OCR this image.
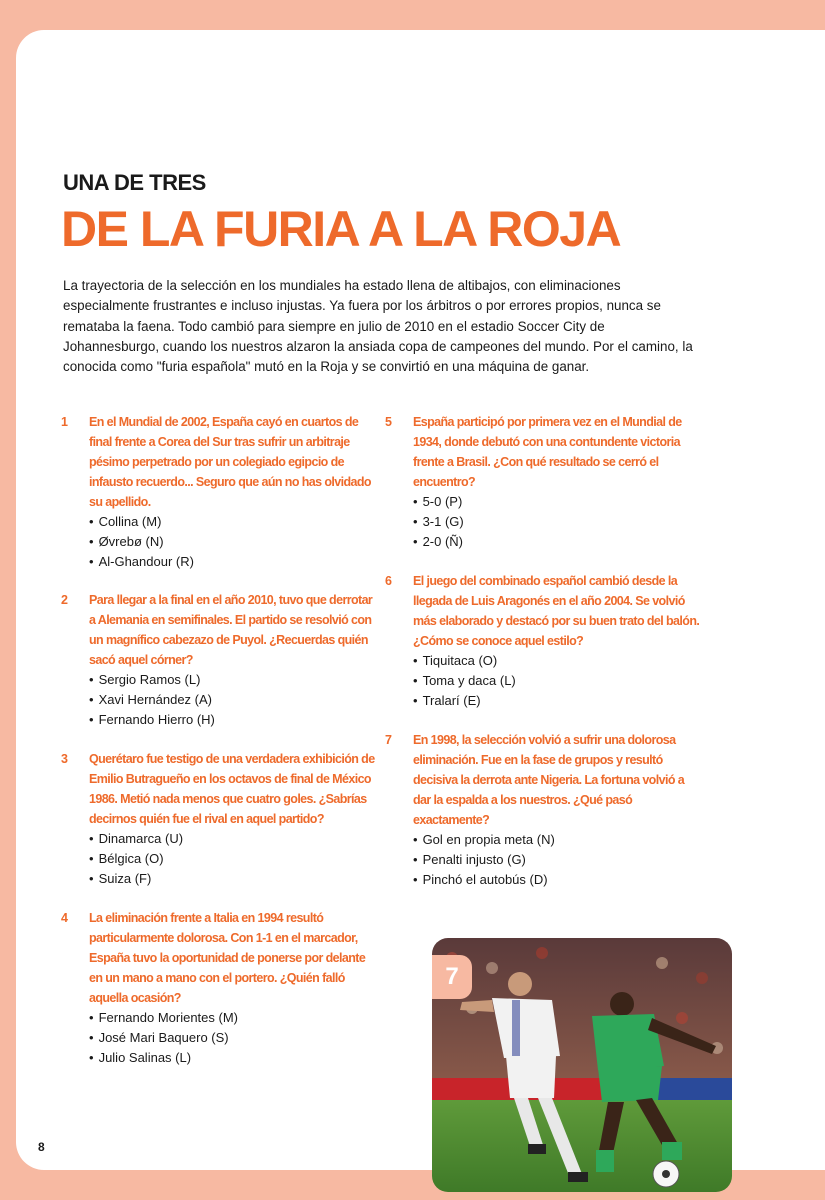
UNA DE TRES
DE LA FURIA A LA ROJA

La trayectoria de la selección en los mundiales ha estado llena de altibajos, con eliminaciones especialmente frustrantes e incluso injustas. Ya fuera por los árbitros o por errores propios, nunca se remataba la faena. Todo cambió para siempre en julio de 2010 en el estadio Soccer City de Johannesburgo, cuando los nuestros alzaron la ansiada copa de campeones del mundo. Por el camino, la conocida como "furia española" mutó en la Roja y se convirtió en una máquina de ganar.

1 En el Mundial de 2002, España cayó en cuartos de final frente a Corea del Sur tras sufrir un arbitraje pésimo perpetrado por un colegiado egipcio de infausto recuerdo... Seguro que aún no has olvidado su apellido.

• Collina (M)
• Øvrebø (N)
• Al-Ghandour (R)
2 Para llegar a la final en el año 2010, tuvo que derrotar a Alemania en semifinales. El partido se resolvió con un magnífico cabezazo de Puyol. ¿Recuerdas quién sacó aquel córner?

• Sergio Ramos (L)
• Xavi Hernández (A)
• Fernando Hierro (H)
3 Querétaro fue testigo de una verdadera exhibición de Emilio Butragueño en los octavos de final de México 1986. Metió nada menos que cuatro goles. ¿Sabrías decirnos quién fue el rival en aquel partido?

• Dinamarca (U)
• Bélgica (O)
• Suiza (F)
4 La eliminación frente a Italia en 1994 resultó particularmente dolorosa. Con 1-1 en el marcador, España tuvo la oportunidad de ponerse por delante en un mano a mano con el portero. ¿Quién falló aquella ocasión?

• Fernando Morientes (M)
• José Mari Baquero (S)
• Julio Salinas (L)
5 España participó por primera vez en el Mundial de 1934, donde debutó con una contundente victoria frente a Brasil. ¿Con qué resultado se cerró el encuentro?

• 5-0 (P)
• 3-1 (G)
• 2-0 (Ñ)
6 El juego del combinado español cambió desde la llegada de Luis Aragonés en el año 2004. Se volvió más elaborado y destacó por su buen trato del balón. ¿Cómo se conoce aquel estilo?

• Tiquitaca (O)
• Toma y daca (L)
• Tralarí (E)
7 En 1998, la selección volvió a sufrir una dolorosa eliminación. Fue en la fase de grupos y resultó decisiva la derrota ante Nigeria. La fortuna volvió a dar la espalda a los nuestros. ¿Qué pasó exactamente?

• Gol en propia meta (N)
• Penalti injusto (G)
• Pinchó el autobús (D)
7
8
